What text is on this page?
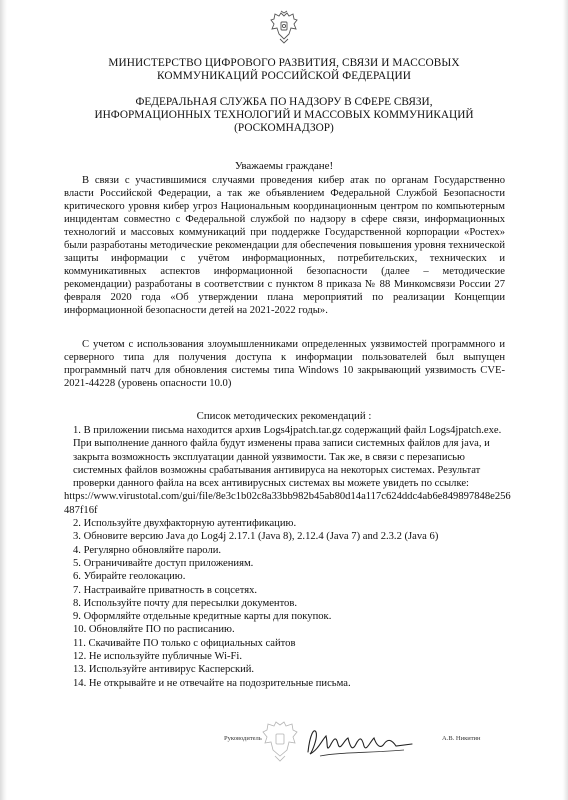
МИНИСТЕРСТВО ЦИФРОВОГО РАЗВИТИЯ, СВЯЗИ И МАССОВЫХ
КОММУНИКАЦИЙ РОССИЙСКОЙ ФЕДЕРАЦИИ
ФЕДЕРАЛЬНАЯ СЛУЖБА ПО НАДЗОРУ В СФЕРЕ СВЯЗИ,
ИНФОРМАЦИОННЫХ ТЕХНОЛОГИЙ И МАССОВЫХ КОММУНИКАЦИЙ
(РОСКОМНАДЗОР)
Уважаемы граждане!
В связи с участившимися случаями проведения кибер атак по органам Государственно власти Российской Федерации, а так же объявлением Федеральной Службой Безопасности критического уровня кибер угроз Национальным координационным центром по компьютерным инцидентам совместно с Федеральной службой по надзору в сфере связи, информационных технологий и массовых коммуникаций при поддержке Государственной корпорации «Ростех» были разработаны методические рекомендации для обеспечения повышения уровня технической защиты информации с учётом информационных, потребительских, технических и коммуникативных аспектов информационной безопасности (далее – методические рекомендации) разработаны в соответствии с пунктом 8 приказа № 88 Минкомсвязи России 27 февраля 2020 года «Об утверждении плана мероприятий по реализации Концепции информационной безопасности детей на 2021-2022 годы».
С учетом с использования злоумышленниками определенных уязвимостей программного и серверного типа для получения доступа к информации пользователей был выпущен программный патч для обновления системы типа Windows 10 закрывающий уязвимость CVE-2021-44228 (уровень опасности 10.0)
Список методических рекомендаций :
1. В приложении письма находится архив Logs4jpatch.tar.gz содержащий файл Logs4jpatch.exe. При выполнение данного файла будут изменены права записи системных файлов для java, и закрыта возможность эксплуатации данной уязвимости. Так же, в связи с перезаписью системных файлов возможны срабатывания антивируса на некоторых системах. Результат проверки данного файла на всех антивирусных системах вы можете увидеть по ссылке:
https://www.virustotal.com/gui/file/8e3c1b02c8a33bb982b45ab80d14a117c624ddc4ab6e849897848e256487f16f
2. Используйте двухфакторную аутентификацию.
3. Обновите версию Java до Log4j 2.17.1 (Java 8), 2.12.4 (Java 7) and 2.3.2 (Java 6)
4. Регулярно обновляйте пароли.
5. Ограничивайте доступ приложениям.
6. Убирайте геолокацию.
7. Настраивайте приватность в соцсетях.
8. Используйте почту для пересылки документов.
9. Оформляйте отдельные кредитные карты для покупок.
10. Обновляйте ПО по расписанию.
11. Скачивайте ПО только с официальных сайтов
12. Не используйте публичные Wi-Fi.
13. Используйте антивирус Касперский.
14. Не открывайте и не отвечайте на подозрительные письма.
Руководитель	А.В. Никитин
